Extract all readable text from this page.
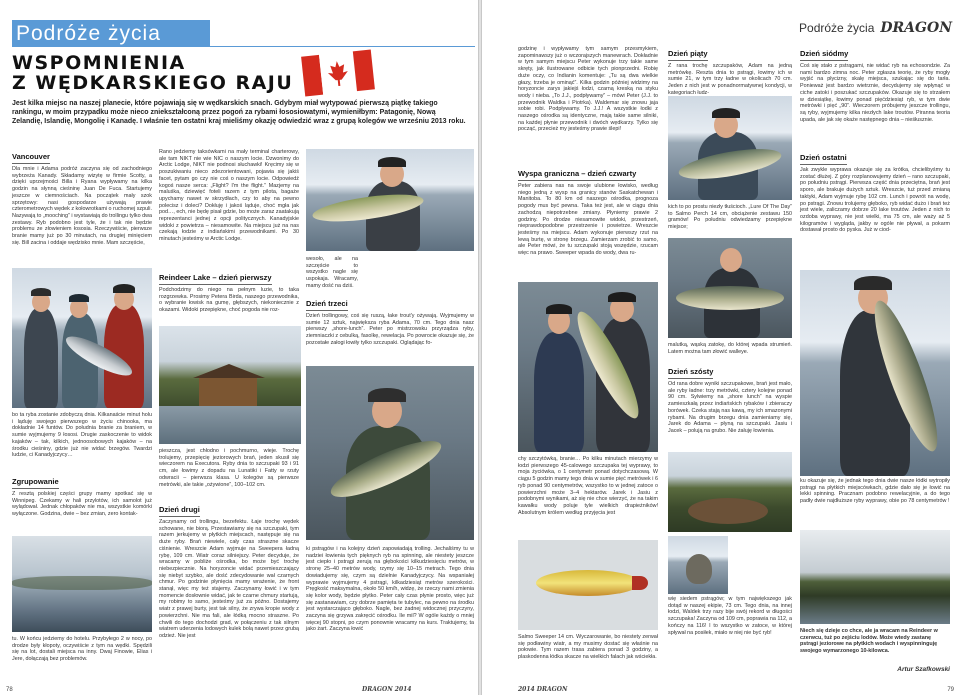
Podróże życia
WSPOMNIENIA
Z WĘDKARSKIEGO RAJU
Jest kilka miejsc na naszej planecie, które pojawiają się w wędkarskich snach. Gdybym miał wytypować pierwszą piątkę takiego rankingu, w moim przypadku może nieco zniekształconą przez pogoń za rybami łososiowatymi, wymieniłbym: Patagonię, Nową Zelandię, Islandię, Mongolię i Kanadę. I właśnie ten ostatni kraj mieliśmy okazję odwiedzić wraz z grupą kolegów we wrześniu 2013 roku.
Vancouver

Dla mnie i Adama podróż zaczyna się od zachodniego wybrzeża Kanady. Składamy wizytę w firmie Scotty, a dzięki uprzejmości Billa i Ryana wypływamy na kilka godzin na słynną cieśninę Juan De Fuca. Startujemy jeszcze w ciemnościach. Na początek mały szok sprzętowy: nasi gospodarze używają prawie czterometrowych wędek z kołowrotkami o ruchomej szpuli. Nazywają to „mooching” i wystawiają do trollingu tylko dwa zestawy. Ryb podobno jest tyle, że i tak nie będzie problemu ze złowieniem łososia. Rzeczywiście, pierwsze branie mamy już po 30 minutach, na drugiej minięciem się. Bill zacina i oddaje wędzisko mnie. Mam szczęście,

bo ta ryba zostanie zdobyczą dnia. Kilkanaście minut holu i ląduję swojego pierwszego w życiu chinooka, ma dokładnie 14 funtów. Do południa branie za braniem, w sumie wyjmujemy 9 łososi. Drugie zaskoczenie to widok kajaków – tak, kilkich, jednoosobowych kajaków – na środku cieśniny, gdzie już nie widać brzegów. Twardzi ludzie, ci Kanadyjczycy…

Zgrupowanie

Z resztą polskiej części grupy mamy spotkać się w Winnipeg. Czekamy w hali przylotów, ich samolot już wylądował. Jednak chłopaków nie ma, wszystkie komórki wyłączone. Godzina, dwie – bez zmian, zero kontak-

tu. W końcu jedziemy do hotelu. Przybyłego 2 w nocy, po drodze były kłopoty, oczywiście z tym na wędki. Spędzili się na lot, dostali miejsca na inny. Dwaj Finowie, Elias i Jere, dołączają bez problemów.

Rano jedziemy taksówkami na mały terminal charterowy, ale tam NIKT nie wie NIC o naszym locie. Dzwonimy do Arctic Lodge, NIKT nie podnosi słuchawki! Kręcimy się w poszukiwaniu nieco zdezorientowani, pojawia się jakiś facet, pytam go czy nie coś o naszym locie. Odpowiedź kogoś nasze serca: „Flight? I'm the flight.” Mazjemy na maluśka, dziewięć foteli razem z tym pilota, bagaże upychamy nawet w skrzydłach, czy to aby na pewno polecisz i doleci? Dokłuję i jakoś ląduje, choć mgła jak pod…, ech, nie będę pisał gdzie, bo może zaraz zaatakują reprezentanci jednej z opcji politycznych. Kanadyjskie widoki z powietrza – niesamowite. Na miejscu już na nas czekają łodzie z indiańskimi przewodnikami. Po 30 minutach jesteśmy w Arctic Lodge.

Reindeer Lake – dzień pierwszy

Podchodzimy do niego na pełnym luzie, to taka rozgrzewka. Prosimy Petera Birda, naszego przewodnika, o wybranie łowisk na gumę, głębszych, niekoniecznie z okazami. Widoki przepiękne, choć pogoda nie roz-

pieszcza, jest chłodno i pochmurno, wieje. Trochę trolujemy, przepięcię jeziorowych brań, jeden skusił się wieczorem na Executora. Ryby dnia to szczupaki 93 i 91 cm, ale łowimy z dopadu na Lunatiki i Fatty w rzuty odwracii – pierwsza klasa. U kolegów są pierwsze metrówki, ale takie „ożywione”, 100–102 cm.

Dzień drugi

Zaczynamy od trollingu, bezefektu. Łaje trochę wędek schowane, nie biorą. Przestawiamy się na szczupaki, tym razem jerkujemy w płytkich miejscach, następuje się na duże ryby. Brań niewiele, cały czas straszne skacze ciśnienie. Wreszcie Adam wyjmuje na Sweepera ładną rybę, 109 cm. Wiatr coraz silniejszy. Peter decyduje, że wracamy w pobliże ośrodka, bo może być trochę niebezpiecznie. Na horyzoncie widać przemieszczający się niebyt szybko, ale dość zdecydowanie wał czarnych chmur. Po godzinie płynięcia mamy wrażenie, że front stanął, więc my też stajemy. Zaczynamy łowić i w tym momencie dosłownie widać, jak te czarne chmury startują, my robimy to samo, jesteśmy już za późno. Dostajemy wiatr z prawej burty, jest tak silny, że zrywa kropie wody z powierzchni. Nie ma fali, ale łódką mocno straszne. Po chwili do tego dochodzi grad, w połączeniu z tak silnym wiatrem uderzenia lodowych kulek bolą nawet przez grubą odzież. Nie jest

wesoło, ale na szczęście to wszystko nagle się uspokaja. Wracamy, mamy dość na dziś.

Dzień trzeci

Dzień trollingowy, coś się ruszą, łake trout'y ożywają. Wyjmujemy w sumie 12 sztuk, największa ryba Adama, 70 cm. Tego dnia nasz pierwszy „shore-lunch”. Peter po mistrzowsku przyrządza ryby, ziemniaczki z cebulką, fasolkę, rewelacja. Po powrocie okazuje się, że pozostałe załogi łowiły tylko szczupaki. Oglądając fo-

ki pstrągów i na kolejny dzień zapowiadają trolling. Jechaliśmy tu w nadziei łowienia tych pięknych ryb na spinning, ale niestety jeszcze jest ciepło i pstrągi zerują na głębokości kilkudziesięciu metrów, w stronę 25–40 metrów wody, rzymy się 10–15 metrach. Tego dnia dowiadujemy się, czym są dzielnie Kanadyjczycy. Na wspaniałej wyprawie wyjmujemy 4 pstrągi, kilkadziesiąt metrów szerokości. Pręgkość maksymalna, około 50 km/h, widzę, że rzeczy nami zmienia się kolor wody, będzie płytko. Peter cały czas płynie prosto, więc już się zastanawiam, czy dobrze pamięta te tubylec, na pewno na środku jest wystarczająco głęboko. Nagle, bez żadnej widocznej przyczyny, zaczyna się grzywa zakręcić ośrodku. Ile mil? W ogóle każdy o mniej więcej 90 stopni, po czym ponownie wracamy na kurs. Traktujemy, ta jako żart. Zaczyna łowić

78	DRAGON 2014
Podróże życia DRAGON

godzinę i wypływamy tym samym przesmykiem, zapominawszy już o wczorajszych manewrach. Dokładnie w tym samym miejscu Peter wykonuje trzy takie same skręty, jak ilustrowane odbicie tych pionprzedni. Robię duże oczy, co Indianin komentuje: „Tu są dwa wielkie głazy, trzeba je ominąć”. Kilka godzin później widzimy na horyzoncie zarys jakiejś łodzi, czarną kreską na styku wody i nieba. „To J.J., podpływamy” – mówi Peter (J.J. to przewodnik Waldka i Piotrka). Waldemar się znowu jaja sobie robi. Podpływamy. To J.J.! A wszystkie łodki z naszego ośrodka są identyczne, mają takie same silniki, na każdej płynie przewodnik i dwóch wędkarzy. Tylko się począć, przecież my jesteśmy prawie ślepi!

Wyspa graniczna – dzień czwarty

Peter zabiera nas na swoje ulubione łowisko, według niego jedną z wysp na granicy stanów Saskatchewan i Manitoba. To 80 km od naszego ośrodka, prognoza pogody mus być pewna. Taka też jest, ale w ciągu dnia zachodzą niepotrzebne zmiany. Płyniemy prawie 2 godziny. Po drodze niesamowite widoki, przestrzeń, nieprawdopodobne przestrzenie i powietrze. Wreszcie jesteśmy na miejscu. Adam wykonuje pierwszy rzut na lewą burtę, w stronę brzegu. Zamierzam zrobić to samo, ale Peter mówi, że tu szczupaki stoją wszędzie, rzucam więc na prawo. Sweeper wpada do wody, dwa ru-

chy szczytówką, branie… Po kilku minutach mierzymy w łodzi pierwszego 45-calowego szczupaka tej wyprawy, to moja życiówka, o 1 centymetr ponad dotychczasową. W ciągu 5 godzin mamy tego dnia w sumie pięć metrówek i 6 ryb ponad 90 centymetrów, wszystko to w jednej zatoce o powierzchni może 3–4 hektarów. Jarek i Jasiu z podobnymi wynikami, aż się nie chce wierzyć, że na takim kawałku wody poluje tyle wielkich drapieżników! Absolutnym królem według przyjęcia jest

Salmo Sweeper 14 cm. Wyczarowanie, bo niestety zerwał się podławiny wiatr, a my musimy dostać się właśnie na połowie. Tym razem trasa zabiera ponad 3 godziny, a plaskodenna łódka skacze na wielkich falach jak wściekła.

Dzień piąty

Z rana trochę szczupaków, Adam na jedną metrówkę. Reszta dnia to pstrągi, łowimy ich w sumie 21, w tym trzy ładne w okolicach 70 cm. Jeden z nich jest w ponadnormatywnej kondycji, w kategoriach łudz-

kich to po prostu niezły tłuścioch. „Lure Of The Day” to Salmo Perch 14 cm, obciążenie zestawu 150 gramów! Po południu odwiedzamy przepiękne miejsce;

malutką, wąską zatokę, do której wpada strumień. Latem można tam złowić walleye.

Dzień szósty

Od rana dobre wyniki szczupakowe, brań jest mało, ale ryby ładne: trzy metrówki, cztery kolejne ponad 90 cm. Sylwiemy na „shore lunch” na wyspie zamieszkałą przez indiańskich rybaków i zbieraczy borówek. Czeka stają nas kawą, my ich smazonymi rybami. Na drugim brzegu dnia zamieniamy się, Jarek do Adama – płyną na szczupaki. Jasiu i Jacek – polują na grubo. Nie żałuję łowienia.

wię siedem pstrągów; w tym największego jak dotąd w naszej ekipie, 73 cm. Tego dnia, na innej łodzi, Waldek trzy razy bije swój rekord w długości szczupaka! Zaczyna od 109 cm, poprawia na 112, a kończy na 116! I to wszystko w zatoce, w której spływał na posiłek, miało w niej nie być ryb!

Dzień siódmy

Coś się stało z pstrągami, nie widać ryb na echosondzie. Za nami bardzo zimna noc. Peter zgłasza teorię, że ryby mogły wyjść na płycizny, skalę miejsca, szukając się do tarła. Ponieważ jest bardzo wietrznie, decydujemy się wpłynąć w ciche zatoki i poszukać szczupaków. Okazuje się to strzałem w dziesiątkę, łowimy ponad pięćdziesiąt ryb, w tym dwie metrówki i pięć „90”. Wieczorem próbujemy jeszcze trollingu, są ryby, wyjmujemy kilka niezłych lake troutów. Piranna teoria upada, ale jak się okaże następnego dnia – nieśłusznie.

Dzień ostatni

Jak zwykle wyprawa okazuje się za krótka, chcielibyśmy tu zostać dłużej. Z góry rozplanowujemy dzień – rano szczupaki, po południu pstrągi. Pierwsza część dnia przeciętna, brań jest sporo, ale brakuje dużych sztuk. Wreszcie, tuż przed zmianą taktyki, Adam wyjmuje rybę 102 cm. Lunch i powrót na wodę, po pstrągi. Znowu trolujemy głęboko, ryb widać dużo i brań też jest wiele, zaliczamy dobrze 20 lake troutów. Jeden z nich to ozdoba wyprawy, nie jest wielki, ma 75 cm, ale waży aż 5 kilogramów i wygląda, jakby w ogóle nie pływał, a pokarm dostawał prosto do pyska. Już w ciod-

ku okazuje się, że jednak tego dnia dwie nasze łódki wytropiły pstrągi na płytkich miejscówkach, gdzie dało się je łowić na lekki spinning. Pracznam podobno rewelacyjnie, a do tego padły dwie najdłuższe ryby wyprawy, obie po 78 centymetrów !

Niech się dzieje co chce, ale ja wracam na Reindeer w czerwcu, tuż po zejściu lodów. Może wtedy zastanę pstrągi jeziorowe na płytkich wodach i wyspinninguję swojego wymarzonego 10-kilowca.
Artur Szafkowski
2014 DRAGON	79
